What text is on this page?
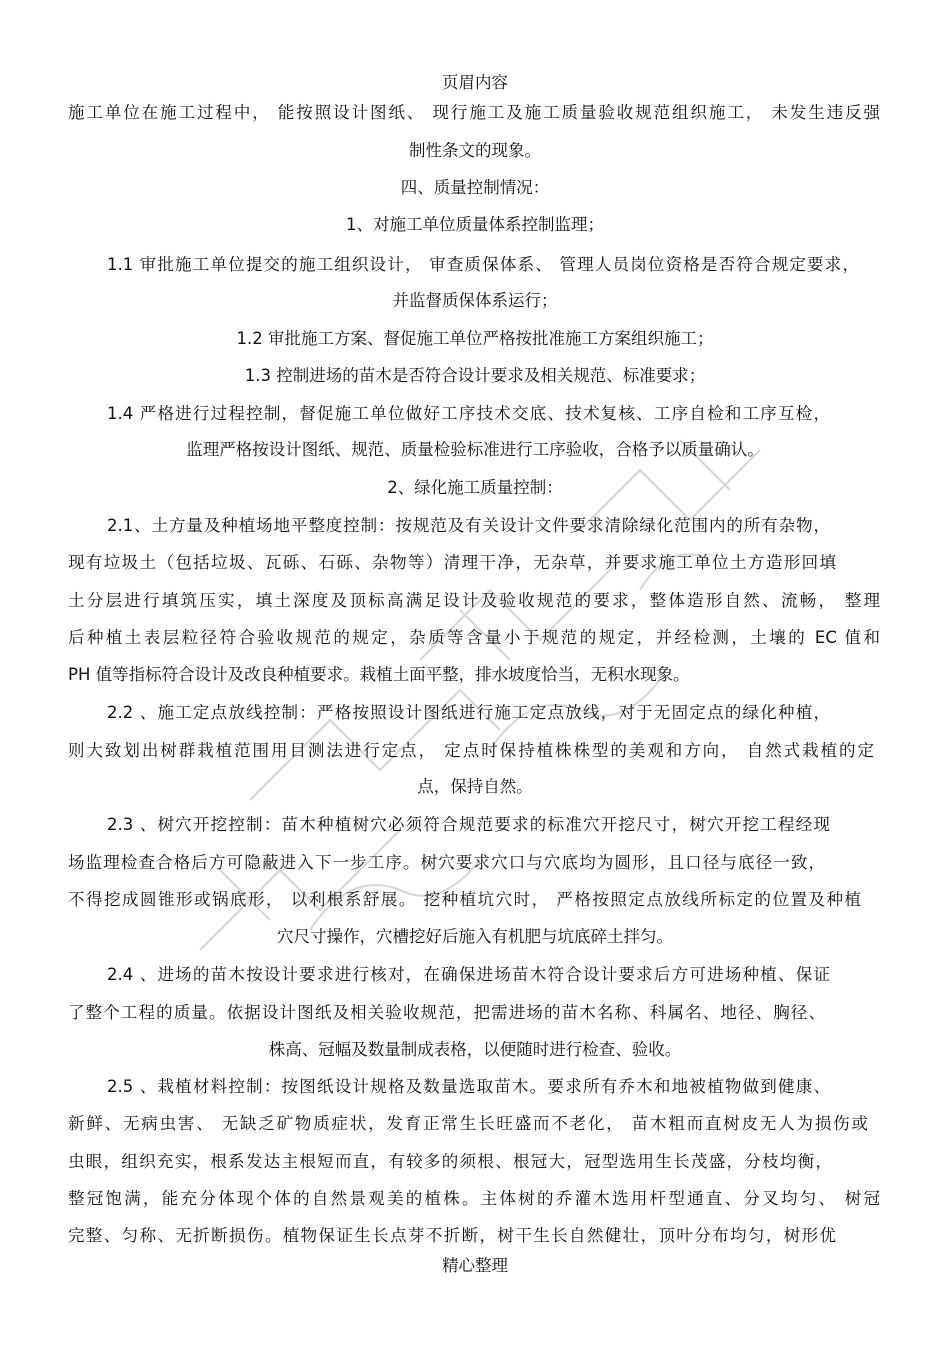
页眉内容
施工单位在施工过程中， 能按照设计图纸、 现行施工及施工质量验收规范组织施工， 未发生违反强
制性条文的现象。
四、质量控制情况：
1、对施工单位质量体系控制监理；
1.1 审批施工单位提交的施工组织设计， 审查质保体系、 管理人员岗位资格是否符合规定要求，
并监督质保体系运行；
1.2 审批施工方案、督促施工单位严格按批准施工方案组织施工；
1.3 控制进场的苗木是否符合设计要求及相关规范、标准要求；
1.4 严格进行过程控制，督促施工单位做好工序技术交底、技术复核、工序自检和工序互检，
监理严格按设计图纸、规范、质量检验标准进行工序验收，合格予以质量确认。
2、绿化施工质量控制：
2.1、土方量及种植场地平整度控制：按规范及有关设计文件要求清除绿化范围内的所有杂物，
现有垃圾土（包括垃圾、瓦砾、石砾、杂物等）清理干净，无杂草，并要求施工单位土方造形回填
土分层进行填筑压实，填土深度及顶标高满足设计及验收规范的要求，整体造形自然、流畅， 整理
后种植土表层粒径符合验收规范的规定，杂质等含量小于规范的规定，并经检测，土壤的 EC 值和
PH 值等指标符合设计及改良种植要求。栽植土面平整，排水坡度恰当，无积水现象。
2.2 、施工定点放线控制：严格按照设计图纸进行施工定点放线，对于无固定点的绿化种植，
则大致划出树群栽植范围用目测法进行定点， 定点时保持植株株型的美观和方向， 自然式栽植的定
点，保持自然。
2.3 、树穴开挖控制：苗木种植树穴必须符合规范要求的标准穴开挖尺寸，树穴开挖工程经现
场监理检查合格后方可隐蔽进入下一步工序。树穴要求穴口与穴底均为圆形，且口径与底径一致，
不得挖成圆锥形或锅底形， 以利根系舒展。 挖种植坑穴时， 严格按照定点放线所标定的位置及种植
穴尺寸操作，穴槽挖好后施入有机肥与坑底碎土拌匀。
2.4 、进场的苗木按设计要求进行核对，在确保进场苗木符合设计要求后方可进场种植、保证
了整个工程的质量。依据设计图纸及相关验收规范，把需进场的苗木名称、科属名、地径、胸径、
株高、冠幅及数量制成表格，以便随时进行检查、验收。
2.5 、栽植材料控制：按图纸设计规格及数量选取苗木。要求所有乔木和地被植物做到健康、
新鲜、无病虫害、 无缺乏矿物质症状，发育正常生长旺盛而不老化， 苗木粗而直树皮无人为损伤或
虫眼，组织充实，根系发达主根短而直，有较多的须根、根冠大，冠型选用生长茂盛，分枝均衡，
整冠饱满，能充分体现个体的自然景观美的植株。主体树的乔灌木选用杆型通直、分叉均匀、 树冠
完整、匀称、无折断损伤。植物保证生长点芽不折断，树干生长自然健壮，顶叶分布均匀，树形优
精心整理
